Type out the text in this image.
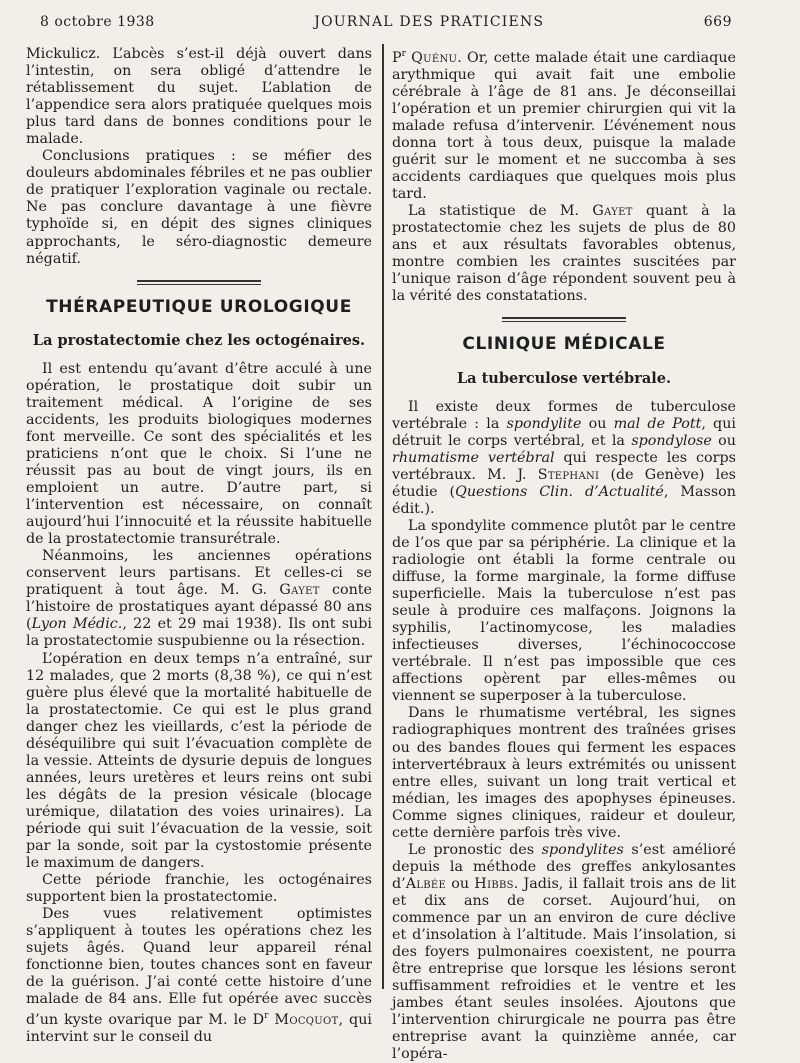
8 octobre 1938	JOURNAL DES PRATICIENS	669

Mickulicz. L’abcès s’est-il déjà ouvert dans l’intestin, on sera obligé d’attendre le rétablissement du sujet. L’ablation de l’appendice sera alors pratiquée quelques mois plus tard dans de bonnes conditions pour le malade.

Conclusions pratiques : se méfier des douleurs abdominales fébriles et ne pas oublier de pratiquer l’exploration vaginale ou rectale. Ne pas conclure davantage à une fièvre typhoïde si, en dépit des signes cliniques approchants, le séro-diagnostic demeure négatif.

THÉRAPEUTIQUE UROLOGIQUE
La prostatectomie chez les octogénaires.

Il est entendu qu’avant d’être acculé à une opération, le prostatique doit subir un traitement médical. A l’origine de ses accidents, les produits biologiques modernes font merveille. Ce sont des spécialités et les praticiens n’ont que le choix. Si l’une ne réussit pas au bout de vingt jours, ils en emploient un autre. D’autre part, si l’intervention est nécessaire, on connaît aujourd’hui l’innocuité et la réussite habituelle de la prostatectomie transurétrale.

Néanmoins, les anciennes opérations conservent leurs partisans. Et celles-ci se pratiquent à tout âge. M. G. Gayet conte l’histoire de prostatiques ayant dépassé 80 ans (Lyon Médic., 22 et 29 mai 1938). Ils ont subi la prostatectomie suspubienne ou la résection.

L’opération en deux temps n’a entraîné, sur 12 malades, que 2 morts (8,38 %), ce qui n’est guère plus élevé que la mortalité habituelle de la prostatectomie. Ce qui est le plus grand danger chez les vieillards, c’est la période de déséquilibre qui suit l’évacuation complète de la vessie. Atteints de dysurie depuis de longues années, leurs uretères et leurs reins ont subi les dégâts de la presion vésicale (blocage urémique, dilatation des voies urinaires). La période qui suit l’évacuation de la vessie, soit par la sonde, soit par la cystostomie présente le maximum de dangers.

Cette période franchie, les octogénaires supportent bien la prostatectomie.

Des vues relativement optimistes s’appliquent à toutes les opérations chez les sujets âgés. Quand leur appareil rénal fonctionne bien, toutes chances sont en faveur de la guérison. J’ai conté cette histoire d’une malade de 84 ans. Elle fut opérée avec succès d’un kyste ovarique par M. le $D^r$ Mocquot, qui intervint sur le conseil du

$P^r$ Quénu. Or, cette malade était une cardiaque arythmique qui avait fait une embolie cérébrale à l’âge de 81 ans. Je déconseillai l’opération et un premier chirurgien qui vit la malade refusa d’intervenir. L’événement nous donna tort à tous deux, puisque la malade guérit sur le moment et ne succomba à ses accidents cardiaques que quelques mois plus tard.

La statistique de M. Gayet quant à la prostatectomie chez les sujets de plus de 80 ans et aux résultats favorables obtenus, montre combien les craintes suscitées par l’unique raison d’âge répondent souvent peu à la vérité des constatations.

CLINIQUE MÉDICALE
La tuberculose vertébrale.

Il existe deux formes de tuberculose vertébrale : la spondylite ou mal de Pott, qui détruit le corps vertébral, et la spondylose ou rhumatisme vertébral qui respecte les corps vertébraux. M. J. Stephani (de Genève) les étudie (Questions Clin. d’Actualité, Masson édit.).

La spondylite commence plutôt par le centre de l’os que par sa périphérie. La clinique et la radiologie ont établi la forme centrale ou diffuse, la forme marginale, la forme diffuse superficielle. Mais la tuberculose n’est pas seule à produire ces malfaçons. Joignons la syphilis, l’actinomycose, les maladies infectieuses diverses, l’échinococcose vertébrale. Il n’est pas impossible que ces affections opèrent par elles-mêmes ou viennent se superposer à la tuberculose.

Dans le rhumatisme vertébral, les signes radiographiques montrent des traînées grises ou des bandes floues qui ferment les espaces intervertébraux à leurs extrémités ou unissent entre elles, suivant un long trait vertical et médian, les images des apophyses épineuses. Comme signes cliniques, raideur et douleur, cette dernière parfois très vive.

Le pronostic des spondylites s’est amélioré depuis la méthode des greffes ankylosantes d’Albée ou Hibbs. Jadis, il fallait trois ans de lit et dix ans de corset. Aujourd’hui, on commence par un an environ de cure déclive et d’insolation à l’altitude. Mais l’insolation, si des foyers pulmonaires coexistent, ne pourra être entreprise que lorsque les lésions seront suffisamment refroidies et le ventre et les jambes étant seules insolées. Ajoutons que l’intervention chirurgicale ne pourra pas être entreprise avant la quinzième année, car l’opéra-
